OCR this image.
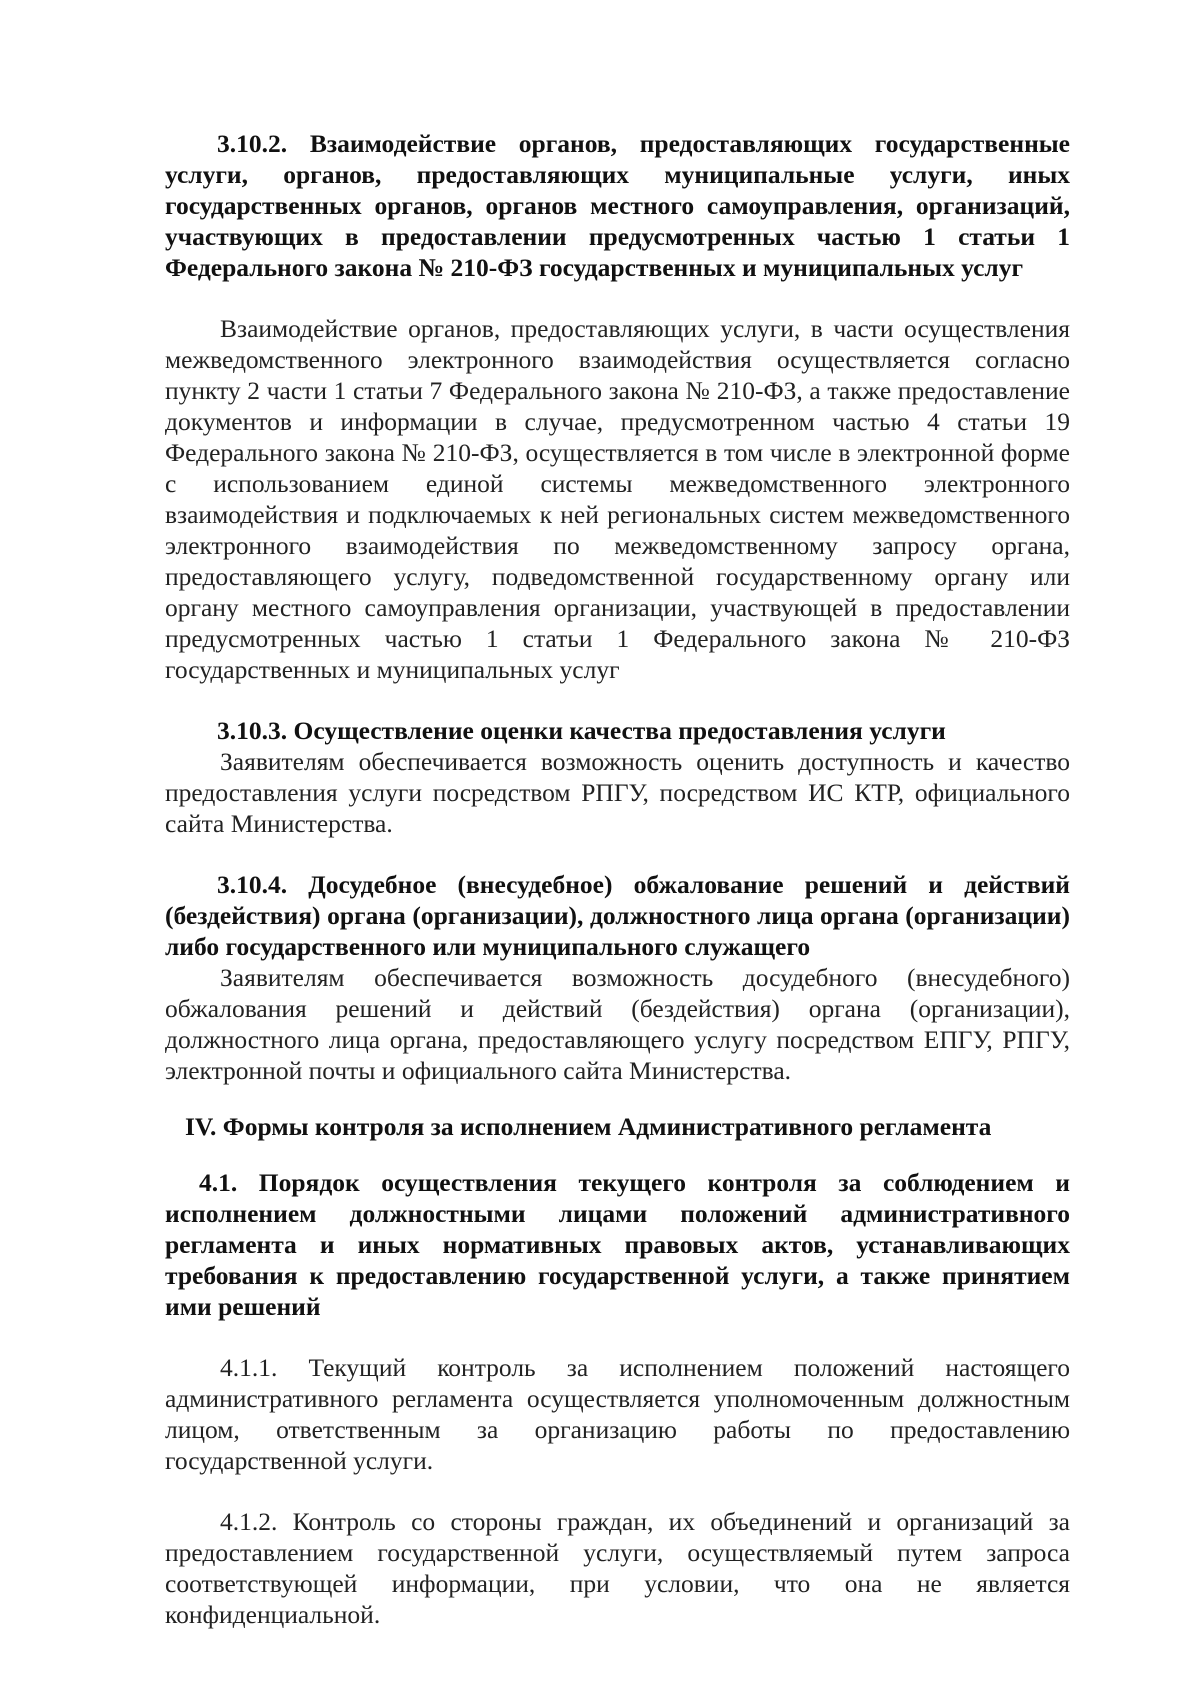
3.10.2. Взаимодействие органов, предоставляющих государственные услуги, органов, предоставляющих муниципальные услуги, иных государственных органов, органов местного самоуправления, организаций, участвующих в предоставлении предусмотренных частью 1 статьи 1 Федерального закона № 210-ФЗ государственных и муниципальных услуг

Взаимодействие органов, предоставляющих услуги, в части осуществления межведомственного электронного взаимодействия осуществляется согласно пункту 2 части 1 статьи 7 Федерального закона № 210-ФЗ, а также предоставление документов и информации в случае, предусмотренном частью 4 статьи 19 Федерального закона № 210-ФЗ, осуществляется в том числе в электронной форме с использованием единой системы межведомственного электронного взаимодействия и подключаемых к ней региональных систем межведомственного электронного взаимодействия по межведомственному запросу органа, предоставляющего услугу, подведомственной государственному органу или органу местного самоуправления организации, участвующей в предоставлении предусмотренных частью 1 статьи 1 Федерального закона № 210-ФЗ государственных и муниципальных услуг

3.10.3. Осуществление оценки качества предоставления услуги

Заявителям обеспечивается возможность оценить доступность и качество предоставления услуги посредством РПГУ, посредством ИС КТР, официального сайта Министерства.

3.10.4. Досудебное (внесудебное) обжалование решений и действий (бездействия) органа (организации), должностного лица органа (организации) либо государственного или муниципального служащего

Заявителям обеспечивается возможность досудебного (внесудебного) обжалования решений и действий (бездействия) органа (организации), должностного лица органа, предоставляющего услугу посредством ЕПГУ, РПГУ, электронной почты и официального сайта Министерства.

IV. Формы контроля за исполнением Административного регламента

4.1. Порядок осуществления текущего контроля за соблюдением и исполнением должностными лицами положений административного регламента и иных нормативных правовых актов, устанавливающих требования к предоставлению государственной услуги, а также принятием ими решений

4.1.1. Текущий контроль за исполнением положений настоящего административного регламента осуществляется уполномоченным должностным лицом, ответственным за организацию работы по предоставлению государственной услуги.

4.1.2. Контроль со стороны граждан, их объединений и организаций за предоставлением государственной услуги, осуществляемый путем запроса соответствующей информации, при условии, что она не является конфиденциальной.
